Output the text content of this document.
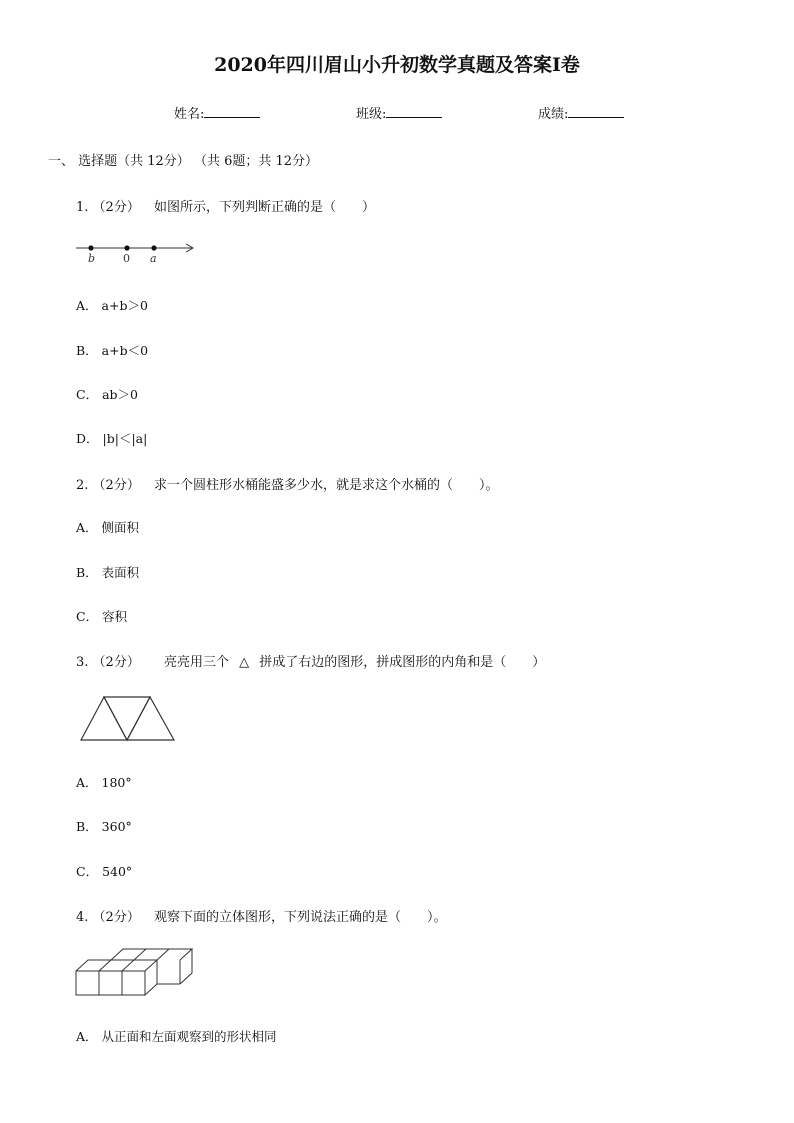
2020年四川眉山小升初数学真题及答案Ⅰ卷
姓名:	班级:	成绩:
一、 选择题（共 12分） （共 6题；共 12分）
1. （2分） 如图所示，下列判断正确的是（　　）
b	0 a
A． a+b＞0
B． a+b＜0
C． ab＞0
D． |b|＜|a|
2. （2分） 求一个圆柱形水桶能盛多少水，就是求这个水桶的（　　）。
A． 侧面积
B． 表面积
C． 容积
3. （2分） 亮亮用三个 △ 拼成了右边的图形，拼成图形的内角和是（　　）
A． 180°
B． 360°
C． 540°
4. （2分） 观察下面的立体图形，下列说法正确的是（　　）。
A． 从正面和左面观察到的形状相同
